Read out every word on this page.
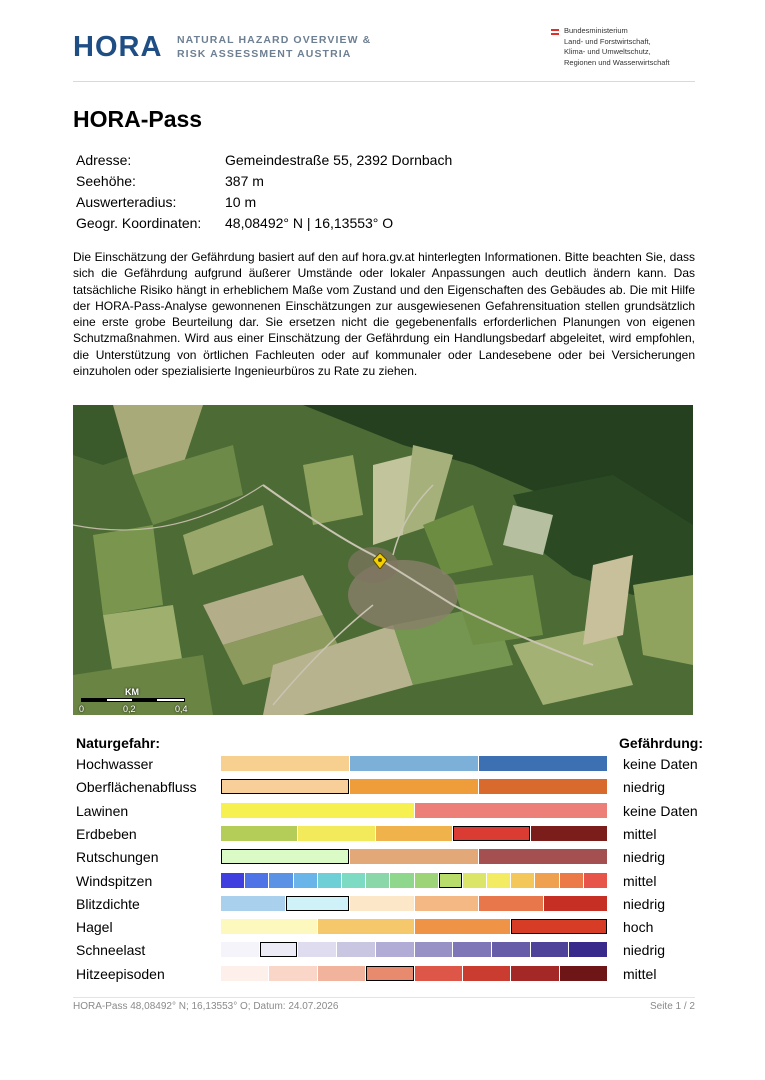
HORA NATURAL HAZARD OVERVIEW &
RISK ASSESSMENT AUSTRIA
Bundesministerium
Land- und Forstwirtschaft,
Klima- und Umweltschutz,
Regionen und Wasserwirtschaft
HORA-Pass
Adresse:	Gemeindestraße 55, 2392 Dornbach
Seehöhe:	387 m
Auswerteradius:	10 m
Geogr. Koordinaten:	48,08492° N | 16,13553° O
Die Einschätzung der Gefährdung basiert auf den auf hora.gv.at hinterlegten Informationen. Bitte beachten Sie, dass sich die Gefährdung aufgrund äußerer Umstände oder lokaler Anpassungen auch deutlich ändern kann. Das tatsächliche Risiko hängt in erheblichem Maße vom Zustand und den Eigenschaften des Gebäudes ab. Die mit Hilfe der HORA-Pass-Analyse gewonnenen Einschätzungen zur ausgewiesenen Gefahrensituation stellen grundsätzlich eine erste grobe Beurteilung dar. Sie ersetzen nicht die gegebenenfalls erforderlichen Planungen von eigenen Schutzmaßnahmen. Wird aus einer Einschätzung der Gefährdung ein Handlungsbedarf abgeleitet, wird empfohlen, die Unterstützung von örtlichen Fachleuten oder auf kommunaler oder Landesebene oder bei Versicherungen einzuholen oder spezialisierte Ingenieurbüros zu Rate zu ziehen.
KM
0	0,2	0,4
Naturgefahr:	Gefährdung:
Hochwasser	keine Daten
Oberflächenabfluss	niedrig
Lawinen	keine Daten
Erdbeben	mittel
Rutschungen	niedrig
Windspitzen	mittel
Blitzdichte	niedrig
Hagel	hoch
Schneelast	niedrig
Hitzeepisoden	mittel
HORA-Pass 48,08492° N; 16,13553° O; Datum: 24.07.2026	Seite 1 / 2
